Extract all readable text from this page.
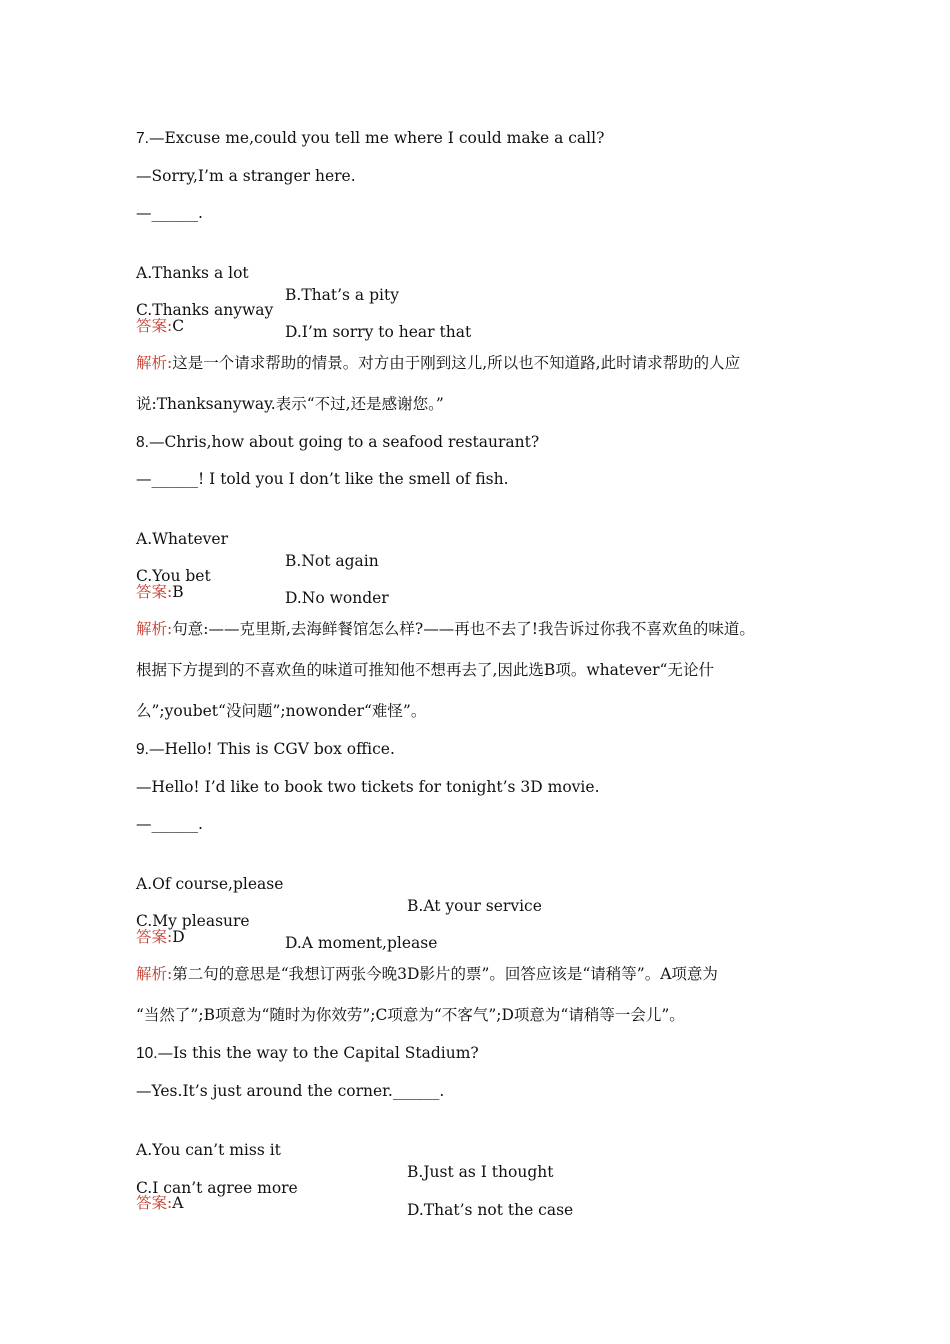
7.—Excuse me,could you tell me where I could make a call?
—Sorry,I’m a stranger here.
—______.

A.Thanks a lot

B.That’s a pity

C.Thanks anyway

D.I’m sorry to hear that

答案:C
解析:这是一个请求帮助的情景。对方由于刚到这儿,所以也不知道路,此时请求帮助的人应
说:Thanksanyway.表示“不过,还是感谢您。”
8.—Chris,how about going to a seafood restaurant?
—______! I told you I don’t like the smell of fish.

A.Whatever

B.Not again

C.You bet

D.No wonder

答案:B
解析:句意:——克里斯,去海鲜餐馆怎么样?——再也不去了!我告诉过你我不喜欢鱼的味道。
根据下方提到的不喜欢鱼的味道可推知他不想再去了,因此选B项。whatever“无论什
么”;youbet“没问题”;nowonder“难怪”。
9.—Hello! This is CGV box office.
—Hello! I’d like to book two tickets for tonight’s 3D movie.
—______.

A.Of course,please

B.At your service

C.My pleasure

D.A moment,please

答案:D
解析:第二句的意思是“我想订两张今晚3D影片的票”。回答应该是“请稍等”。A项意为
“当然了”;B项意为“随时为你效劳”;C项意为“不客气”;D项意为“请稍等一会儿”。
10.—Is this the way to the Capital Stadium?
—Yes.It’s just around the corner.______.

A.You can’t miss it

B.Just as I thought

C.I can’t agree more

D.That’s not the case

答案:A
